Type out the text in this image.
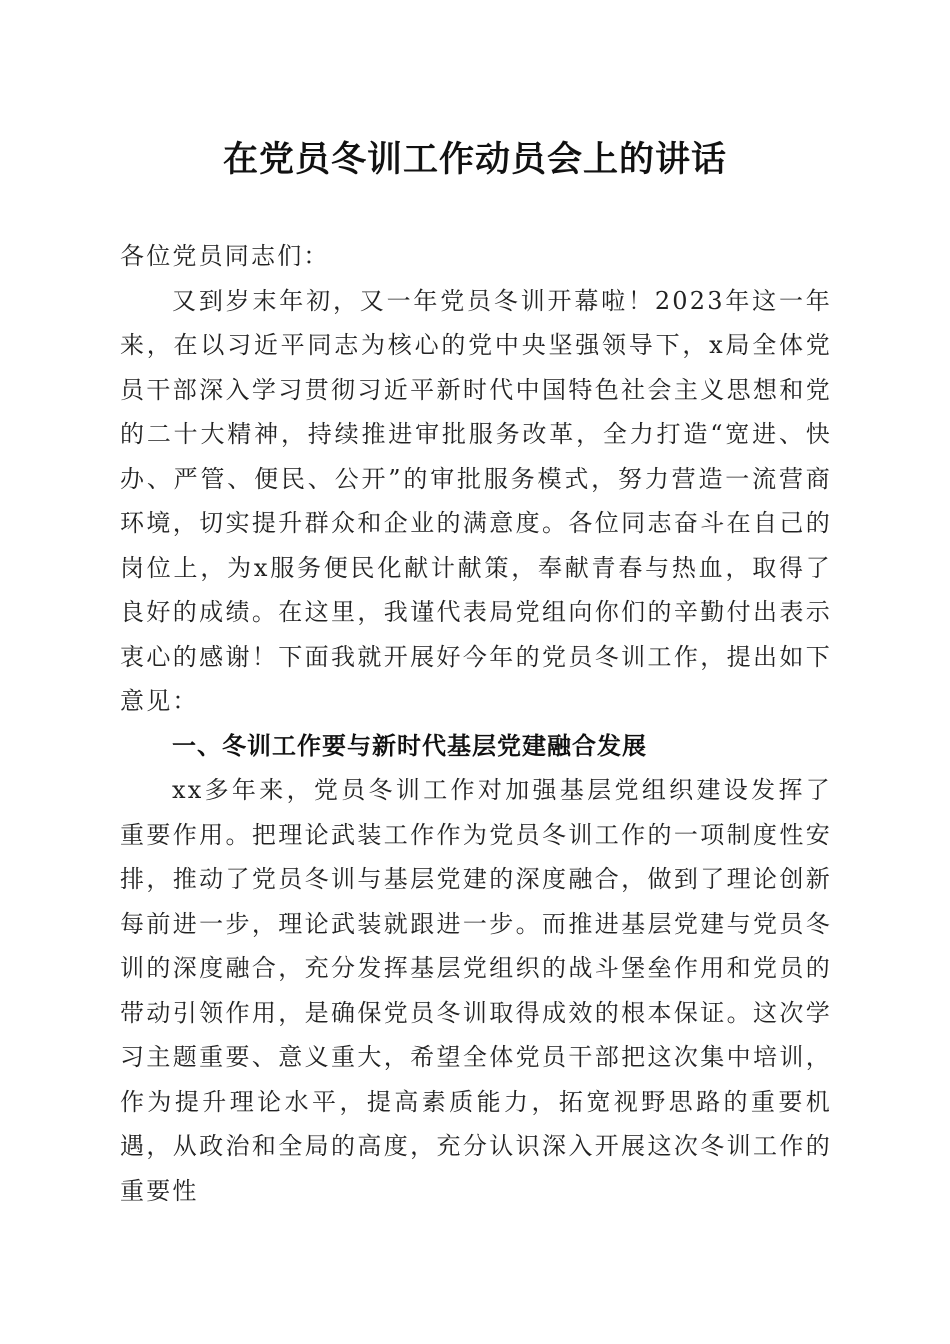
在党员冬训工作动员会上的讲话

各位党员同志们：

又到岁末年初，又一年党员冬训开幕啦！2023年这一年来，在以习近平同志为核心的党中央坚强领导下，x局全体党员干部深入学习贯彻习近平新时代中国特色社会主义思想和党的二十大精神，持续推进审批服务改革，全力打造“宽进、快办、严管、便民、公开”的审批服务模式，努力营造一流营商环境，切实提升群众和企业的满意度。各位同志奋斗在自己的岗位上，为x服务便民化献计献策，奉献青春与热血，取得了良好的成绩。在这里，我谨代表局党组向你们的辛勤付出表示衷心的感谢！下面我就开展好今年的党员冬训工作，提出如下意见：

一、冬训工作要与新时代基层党建融合发展

xx多年来，党员冬训工作对加强基层党组织建设发挥了重要作用。把理论武装工作作为党员冬训工作的一项制度性安排，推动了党员冬训与基层党建的深度融合，做到了理论创新每前进一步，理论武装就跟进一步。而推进基层党建与党员冬训的深度融合，充分发挥基层党组织的战斗堡垒作用和党员的带动引领作用，是确保党员冬训取得成效的根本保证。这次学习主题重要、意义重大，希望全体党员干部把这次集中培训，作为提升理论水平，提高素质能力，拓宽视野思路的重要机遇，从政治和全局的高度，充分认识深入开展这次冬训工作的重要性
